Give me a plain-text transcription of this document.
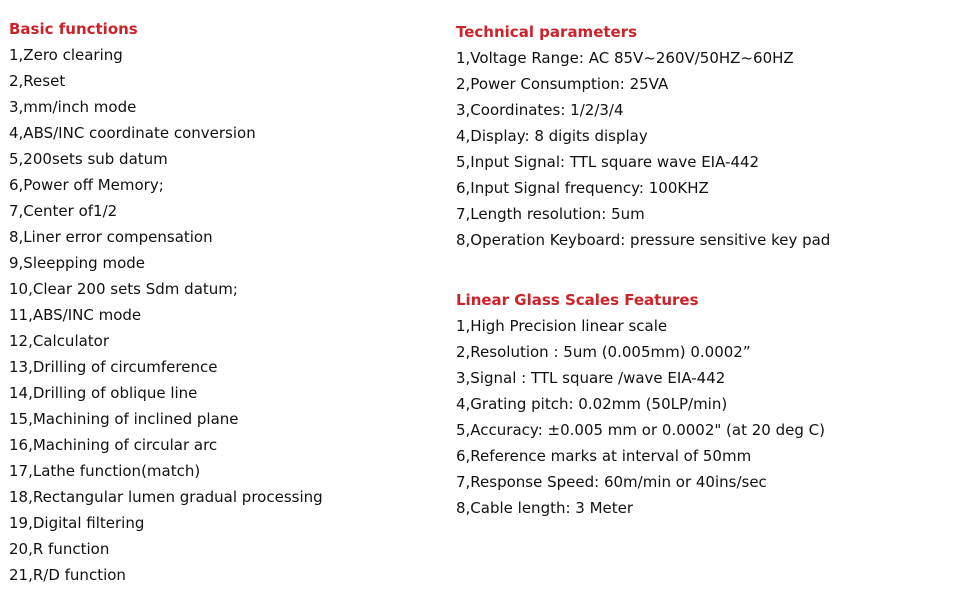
Basic functions
1,Zero clearing
2,Reset
3,mm/inch mode
4,ABS/INC coordinate conversion
5,200sets sub datum
6,Power off Memory;
7,Center of1/2
8,Liner error compensation
9,Sleepping mode
10,Clear 200 sets Sdm datum;
11,ABS/INC mode
12,Calculator
13,Drilling of circumference
14,Drilling of oblique line
15,Machining of inclined plane
16,Machining of circular arc
17,Lathe function(match)
18,Rectangular lumen gradual processing
19,Digital filtering
20,R function
21,R/D function
Technical parameters
1,Voltage Range: AC 85V~260V/50HZ~60HZ
2,Power Consumption: 25VA
3,Coordinates: 1/2/3/4
4,Display: 8 digits display
5,Input Signal: TTL square wave EIA-442
6,Input Signal frequency: 100KHZ
7,Length resolution: 5um
8,Operation Keyboard: pressure sensitive key pad
Linear Glass Scales Features
1,High Precision linear scale
2,Resolution : 5um (0.005mm) 0.0002”
3,Signal : TTL square /wave EIA-442
4,Grating pitch: 0.02mm (50LP/min)
5,Accuracy: ±0.005 mm or 0.0002" (at 20 deg C)
6,Reference marks at interval of 50mm
7,Response Speed: 60m/min or 40ins/sec
8,Cable length: 3 Meter
